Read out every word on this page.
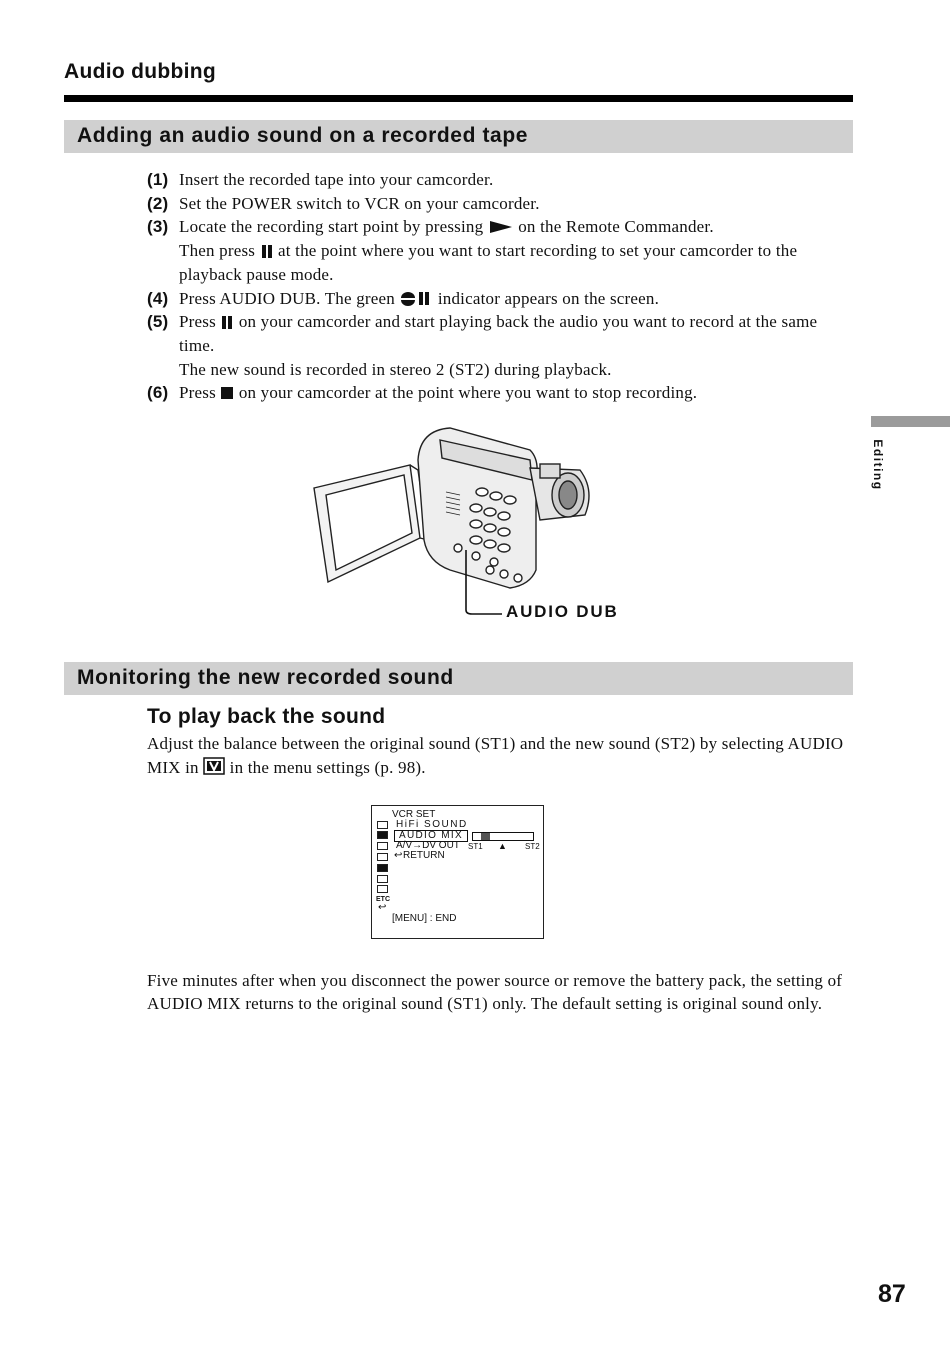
Audio dubbing
Adding an audio sound on a recorded tape
(1) Insert the recorded tape into your camcorder.
(2) Set the POWER switch to VCR on your camcorder.
(3) Locate the recording start point by pressing on the Remote Commander.
Then press at the point where you want to start recording to set your camcorder to the playback pause mode.
(4) Press AUDIO DUB. The green	indicator appears on the screen.
(5) Press on your camcorder and start playing back the audio you want to record at the same time.
The new sound is recorded in stereo 2 (ST2) during playback.
(6) Press on your camcorder at the point where you want to stop recording.
Editing
AUDIO DUB
Monitoring the new recorded sound
To play back the sound
Adjust the balance between the original sound (ST1) and the new sound (ST2) by selecting AUDIO MIX in in the menu settings (p. 98).
VCR SET
HiFi SOUND
AUDIO MIX
A/V→DV OUT ST1 ▲ ST2
↩ RETURN
ETC
↩
[MENU] : END
Five minutes after when you disconnect the power source or remove the battery pack, the setting of AUDIO MIX returns to the original sound (ST1) only. The default setting is original sound only.
87
